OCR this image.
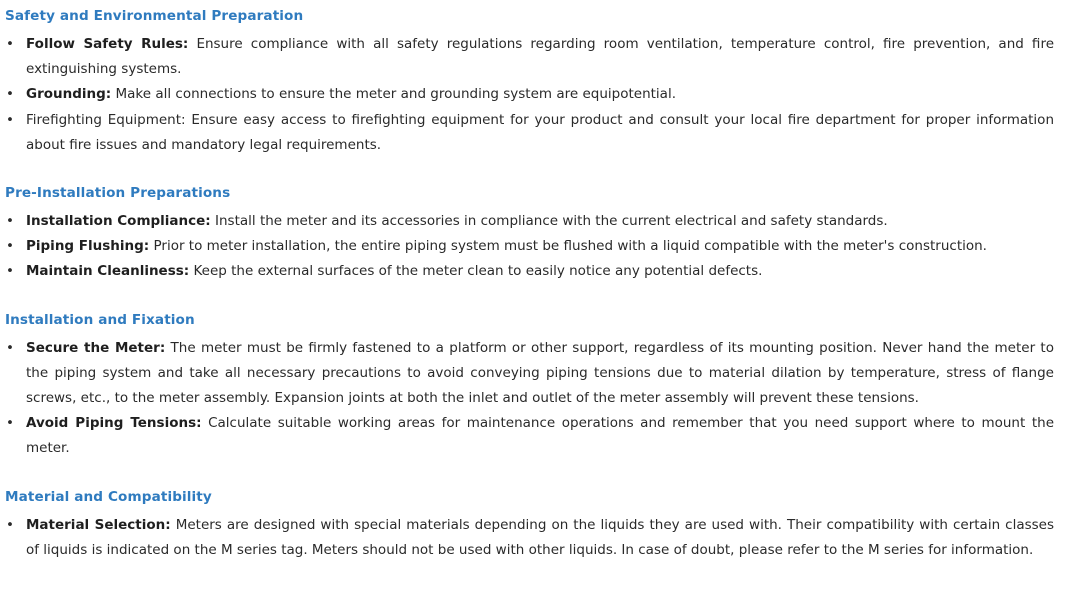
Safety and Environmental Preparation
• Follow Safety Rules: Ensure compliance with all safety regulations regarding room ventilation, temperature control, fire prevention, and fire extinguishing systems.
• Grounding: Make all connections to ensure the meter and grounding system are equipotential.
• Firefighting Equipment: Ensure easy access to firefighting equipment for your product and consult your local fire department for proper information about fire issues and mandatory legal requirements.
Pre-Installation Preparations
• Installation Compliance: Install the meter and its accessories in compliance with the current electrical and safety standards.
• Piping Flushing: Prior to meter installation, the entire piping system must be flushed with a liquid compatible with the meter's construction.
• Maintain Cleanliness: Keep the external surfaces of the meter clean to easily notice any potential defects.
Installation and Fixation
• Secure the Meter: The meter must be firmly fastened to a platform or other support, regardless of its mounting position. Never hand the meter to the piping system and take all necessary precautions to avoid conveying piping tensions due to material dilation by temperature, stress of flange screws, etc., to the meter assembly. Expansion joints at both the inlet and outlet of the meter assembly will prevent these tensions.
• Avoid Piping Tensions: Calculate suitable working areas for maintenance operations and remember that you need support where to mount the meter.
Material and Compatibility
• Material Selection: Meters are designed with special materials depending on the liquids they are used with. Their compatibility with certain classes of liquids is indicated on the M series tag. Meters should not be used with other liquids. In case of doubt, please refer to the M series for information.
